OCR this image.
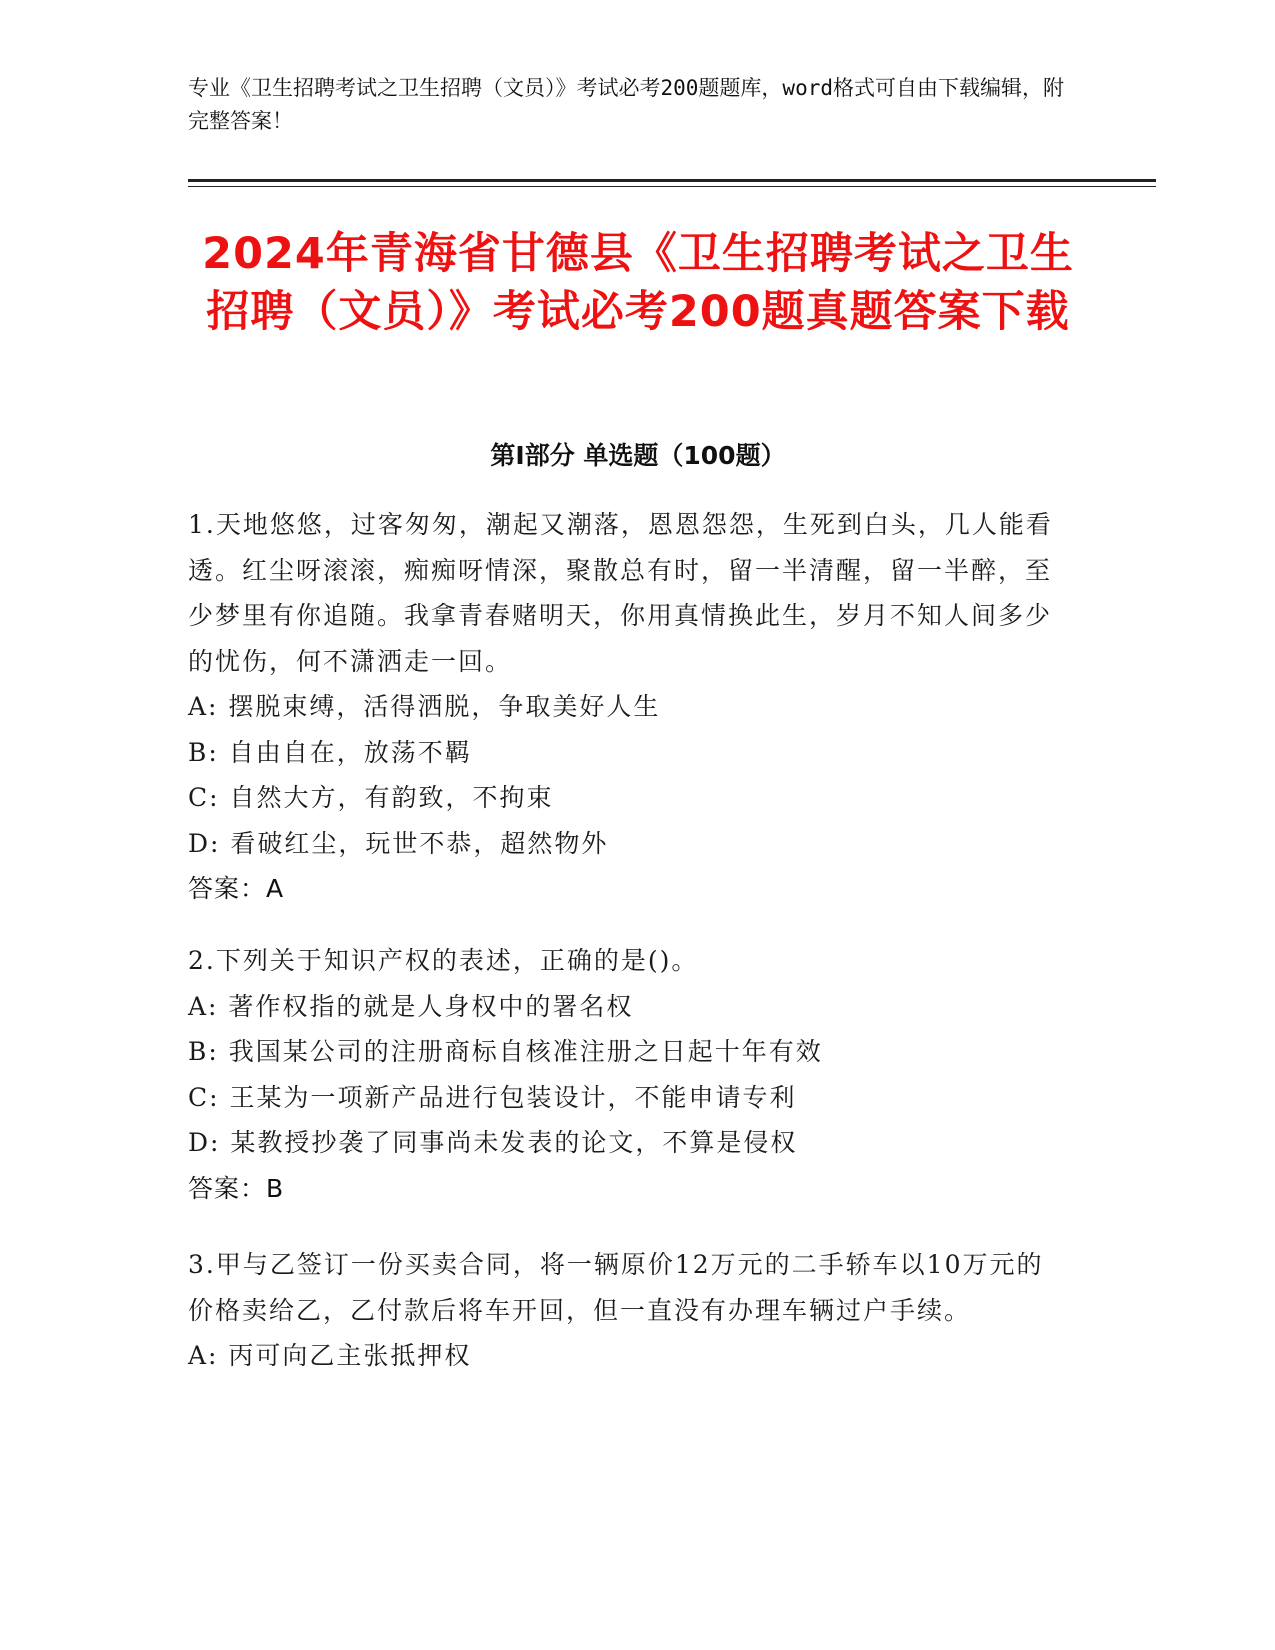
专业《卫生招聘考试之卫生招聘（文员）》考试必考200题题库，word格式可自由下载编辑，附完整答案！
2024年青海省甘德县《卫生招聘考试之卫生招聘（文员）》考试必考200题真题答案下载
第I部分 单选题（100题）
1.天地悠悠，过客匆匆，潮起又潮落，恩恩怨怨，生死到白头，几人能看透。红尘呀滚滚，痴痴呀情深，聚散总有时，留一半清醒，留一半醉，至少梦里有你追随。我拿青春赌明天，你用真情换此生，岁月不知人间多少的忧伤，何不潇洒走一回。
A: 摆脱束缚，活得洒脱，争取美好人生
B: 自由自在，放荡不羁
C: 自然大方，有韵致，不拘束
D: 看破红尘，玩世不恭，超然物外
答案：A
2.下列关于知识产权的表述，正确的是()。
A: 著作权指的就是人身权中的署名权
B: 我国某公司的注册商标自核准注册之日起十年有效
C: 王某为一项新产品进行包装设计，不能申请专利
D: 某教授抄袭了同事尚未发表的论文，不算是侵权
答案：B
3.甲与乙签订一份买卖合同，将一辆原价12万元的二手轿车以10万元的价格卖给乙，乙付款后将车开回，但一直没有办理车辆过户手续。
A: 丙可向乙主张抵押权
